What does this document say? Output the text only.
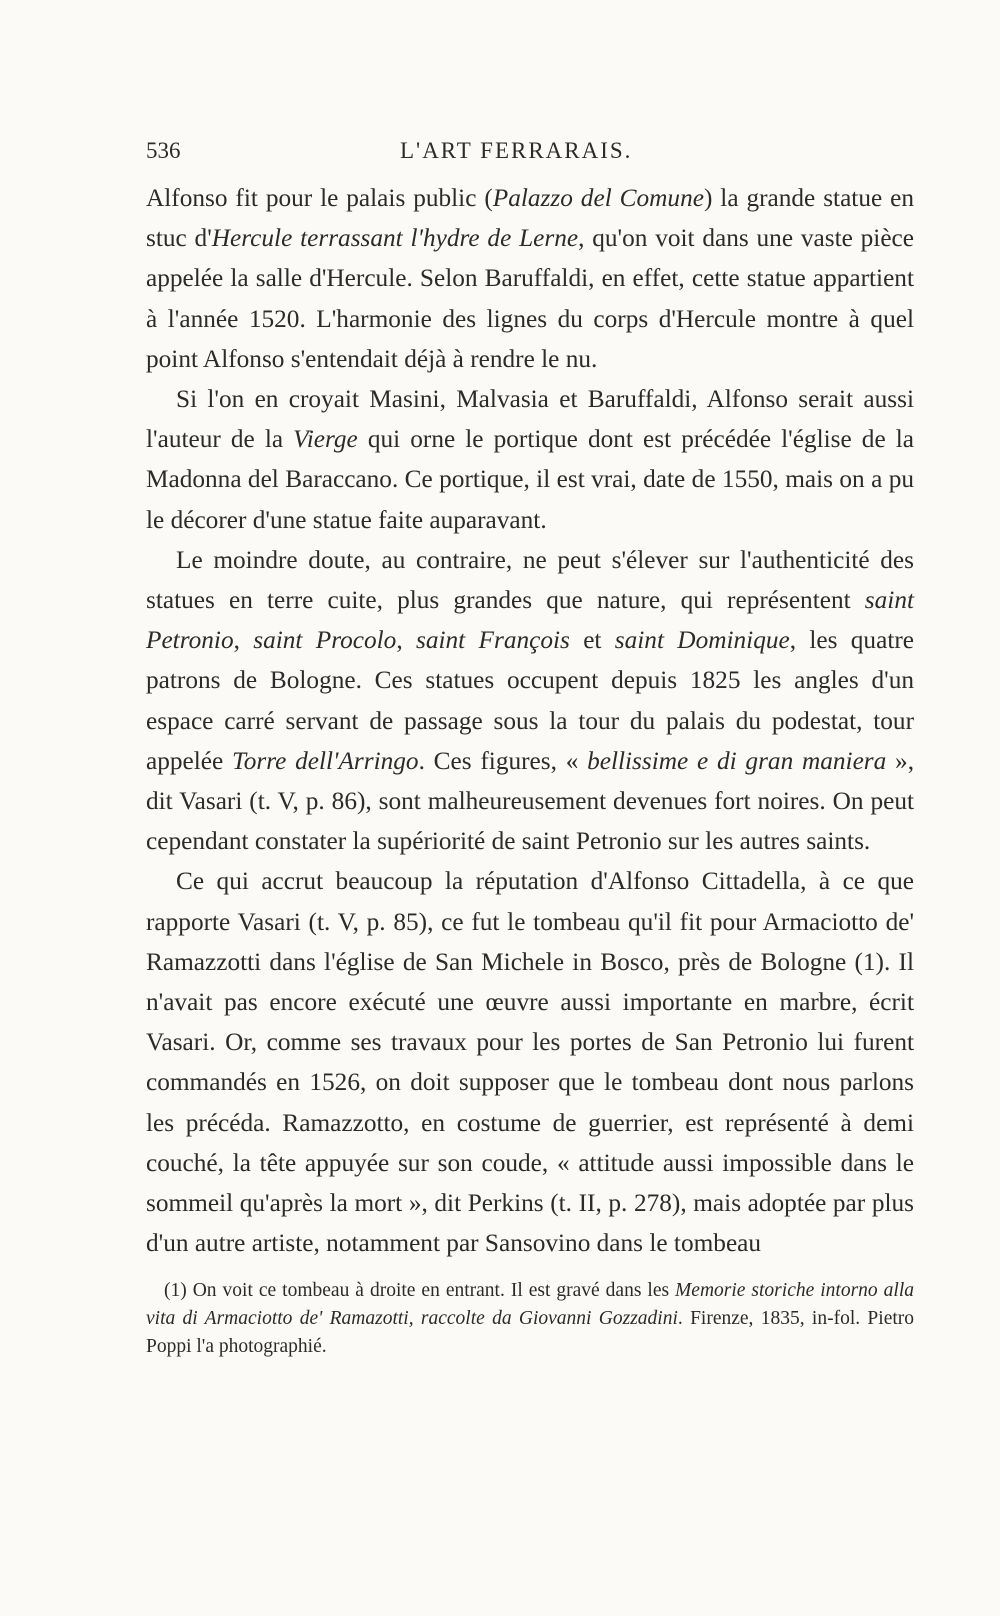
536	L'ART FERRARAIS.

Alfonso fit pour le palais public (Palazzo del Comune) la grande statue en stuc d'Hercule terrassant l'hydre de Lerne, qu'on voit dans une vaste pièce appelée la salle d'Hercule. Selon Baruffaldi, en effet, cette statue appartient à l'année 1520. L'harmonie des lignes du corps d'Hercule montre à quel point Alfonso s'entendait déjà à rendre le nu.

Si l'on en croyait Masini, Malvasia et Baruffaldi, Alfonso serait aussi l'auteur de la Vierge qui orne le portique dont est précédée l'église de la Madonna del Baraccano. Ce portique, il est vrai, date de 1550, mais on a pu le décorer d'une statue faite auparavant.

Le moindre doute, au contraire, ne peut s'élever sur l'authenticité des statues en terre cuite, plus grandes que nature, qui représentent saint Petronio, saint Procolo, saint François et saint Dominique, les quatre patrons de Bologne. Ces statues occupent depuis 1825 les angles d'un espace carré servant de passage sous la tour du palais du podestat, tour appelée Torre dell'Arringo. Ces figures, « bellissime e di gran maniera », dit Vasari (t. V, p. 86), sont malheureusement devenues fort noires. On peut cependant constater la supériorité de saint Petronio sur les autres saints.

Ce qui accrut beaucoup la réputation d'Alfonso Cittadella, à ce que rapporte Vasari (t. V, p. 85), ce fut le tombeau qu'il fit pour Armaciotto de' Ramazzotti dans l'église de San Michele in Bosco, près de Bologne (1). Il n'avait pas encore exécuté une œuvre aussi importante en marbre, écrit Vasari. Or, comme ses travaux pour les portes de San Petronio lui furent commandés en 1526, on doit supposer que le tombeau dont nous parlons les précéda. Ramazzotto, en costume de guerrier, est représenté à demi couché, la tête appuyée sur son coude, « attitude aussi impossible dans le sommeil qu'après la mort », dit Perkins (t. II, p. 278), mais adoptée par plus d'un autre artiste, notamment par Sansovino dans le tombeau

(1) On voit ce tombeau à droite en entrant. Il est gravé dans les Memorie storiche intorno alla vita di Armaciotto de' Ramazotti, raccolte da Giovanni Gozzadini. Firenze, 1835, in-fol. Pietro Poppi l'a photographié.
